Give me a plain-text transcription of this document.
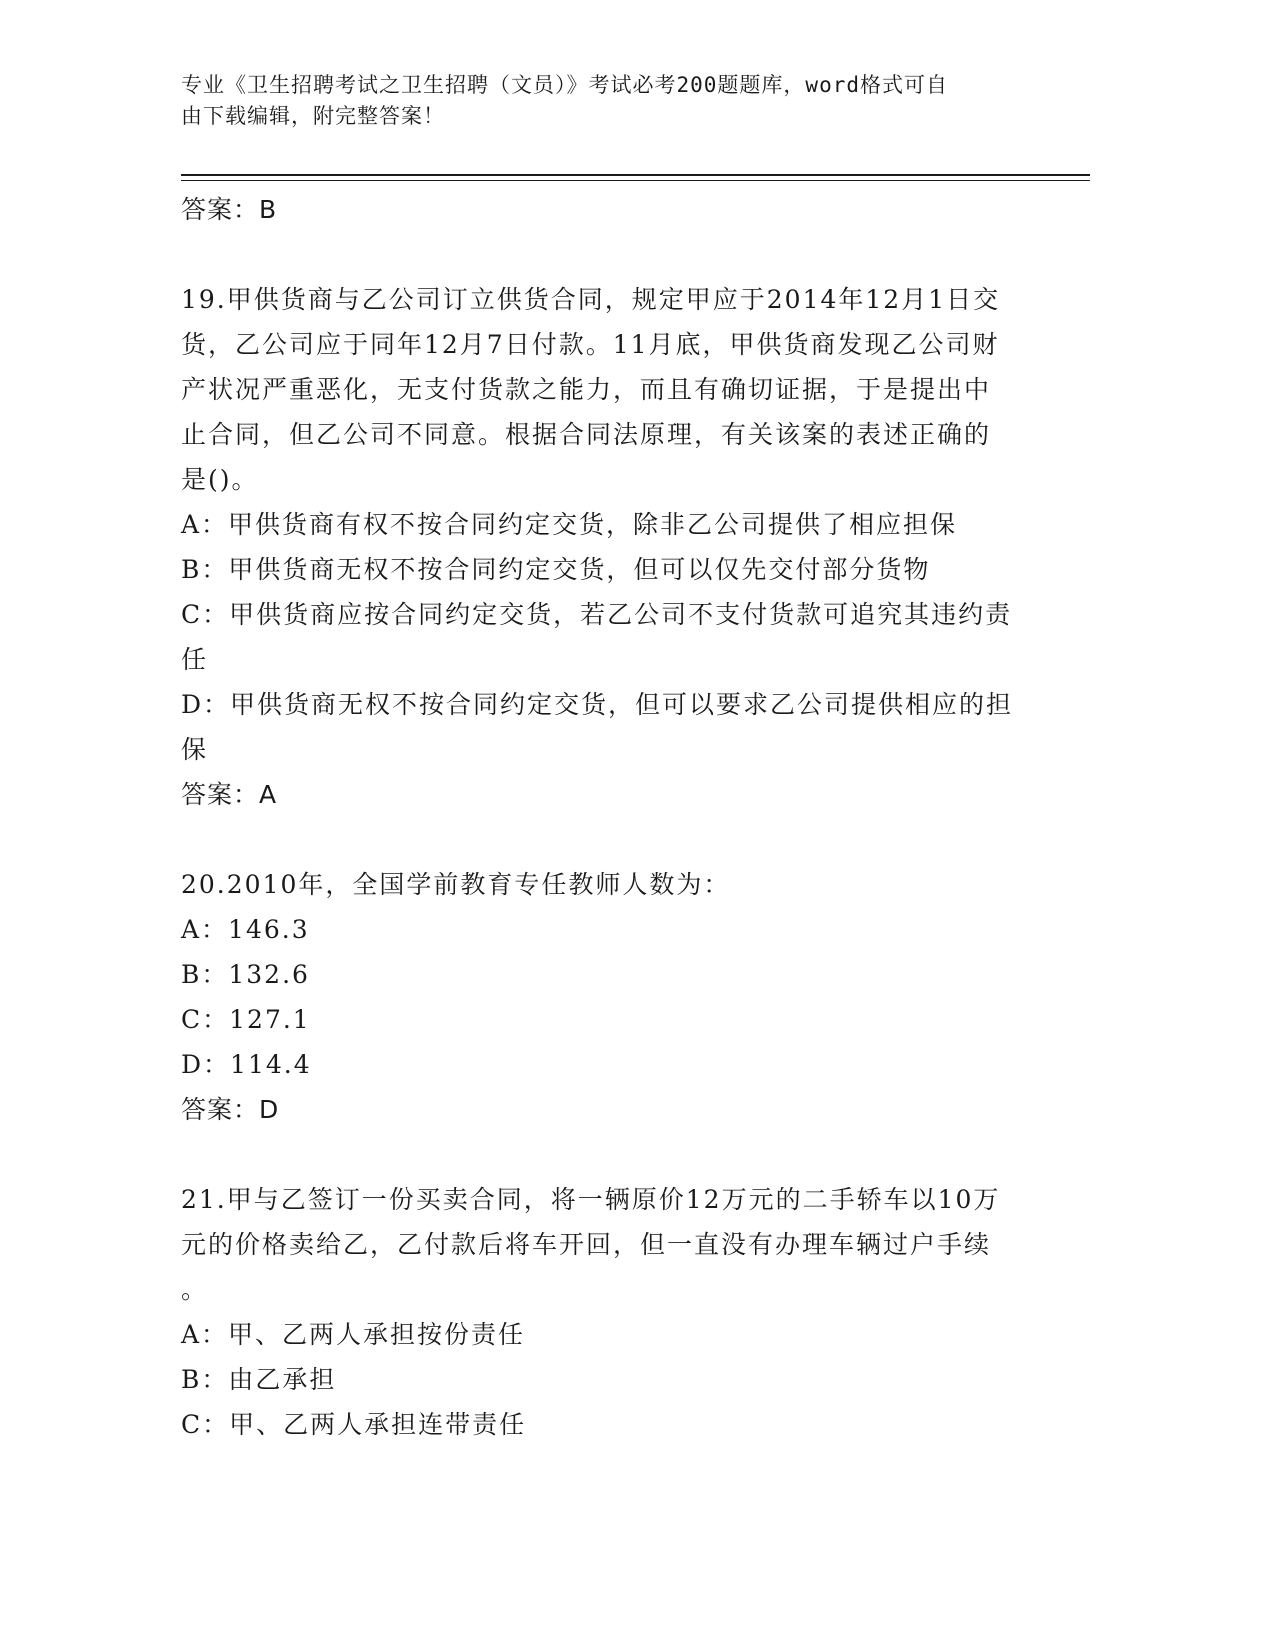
专业《卫生招聘考试之卫生招聘（文员）》考试必考200题题库，word格式可自
由下载编辑，附完整答案！
答案：B

19.甲供货商与乙公司订立供货合同，规定甲应于2014年12月1日交

货，乙公司应于同年12月7日付款。11月底，甲供货商发现乙公司财

产状况严重恶化，无支付货款之能力，而且有确切证据，于是提出中

止合同，但乙公司不同意。根据合同法原理，有关该案的表述正确的

是()。

A：甲供货商有权不按合同约定交货，除非乙公司提供了相应担保

B：甲供货商无权不按合同约定交货，但可以仅先交付部分货物

C：甲供货商应按合同约定交货，若乙公司不支付货款可追究其违约责

任

D：甲供货商无权不按合同约定交货，但可以要求乙公司提供相应的担

保

答案：A

20.2010年，全国学前教育专任教师人数为：

A：146.3

B：132.6

C：127.1

D：114.4

答案：D

21.甲与乙签订一份买卖合同，将一辆原价12万元的二手轿车以10万

元的价格卖给乙，乙付款后将车开回，但一直没有办理车辆过户手续

。

A：甲、乙两人承担按份责任

B：由乙承担

C：甲、乙两人承担连带责任
